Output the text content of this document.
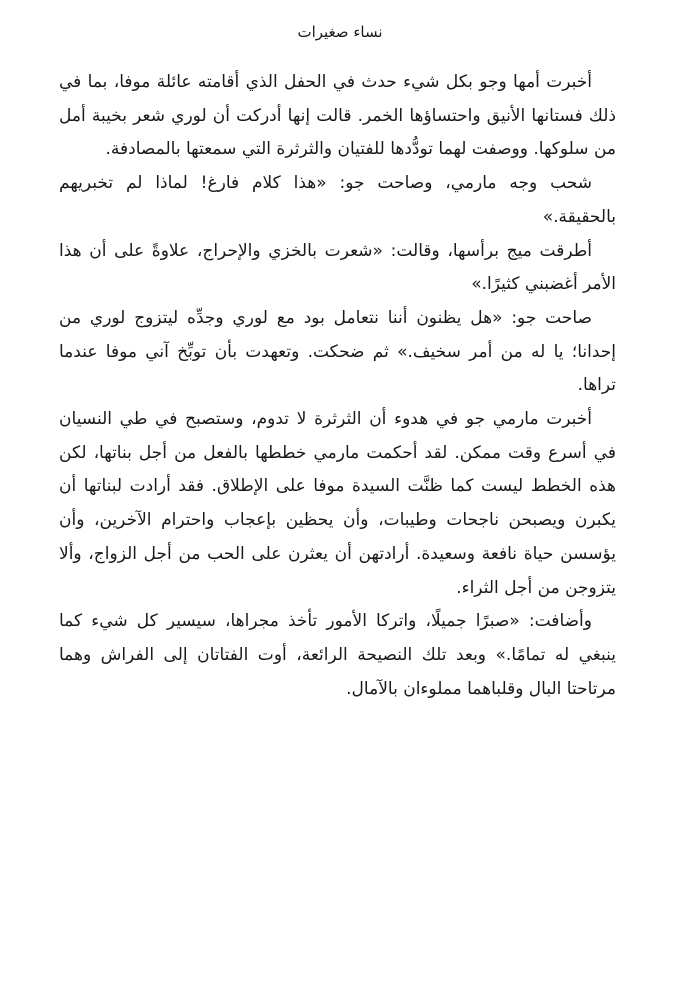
نساء صغيرات

أخبرت أمها وجو بكل شيء حدث في الحفل الذي أقامته عائلة موفا، بما في ذلك فستانها الأنيق واحتساؤها الخمر. قالت إنها أدركت أن لوري شعر بخيبة أمل من سلوكها. ووصفت لهما تودُّدها للفتيان والثرثرة التي سمعتها بالمصادفة.

شحب وجه مارمي، وصاحت جو: «هذا كلام فارغ! لماذا لم تخبريهم بالحقيقة.»

أطرقت ميج برأسها، وقالت: «شعرت بالخزي والإحراج، علاوةً على أن هذا الأمر أغضبني كثيرًا.»

صاحت جو: «هل يظنون أننا نتعامل بود مع لوري وجدِّه ليتزوج لوري من إحدانا؛ يا له من أمر سخيف.» ثم ضحكت. وتعهدت بأن توبِّخ آني موفا عندما تراها.

أخبرت مارمي جو في هدوء أن الثرثرة لا تدوم، وستصبح في طي النسيان في أسرع وقت ممكن. لقد أحكمت مارمي خططها بالفعل من أجل بناتها، لكن هذه الخطط ليست كما ظنَّت السيدة موفا على الإطلاق. فقد أرادت لبناتها أن يكبرن ويصبحن ناجحات وطيبات، وأن يحظين بإعجاب واحترام الآخرين، وأن يؤسسن حياة نافعة وسعيدة. أرادتهن أن يعثرن على الحب من أجل الزواج، وألا يتزوجن من أجل الثراء.

وأضافت: «صبرًا جميلًا، واتركا الأمور تأخذ مجراها، سيسير كل شيء كما ينبغي له تمامًا.» وبعد تلك النصيحة الرائعة، أوت الفتاتان إلى الفراش وهما مرتاحتا البال وقلباهما مملوءان بالآمال.
